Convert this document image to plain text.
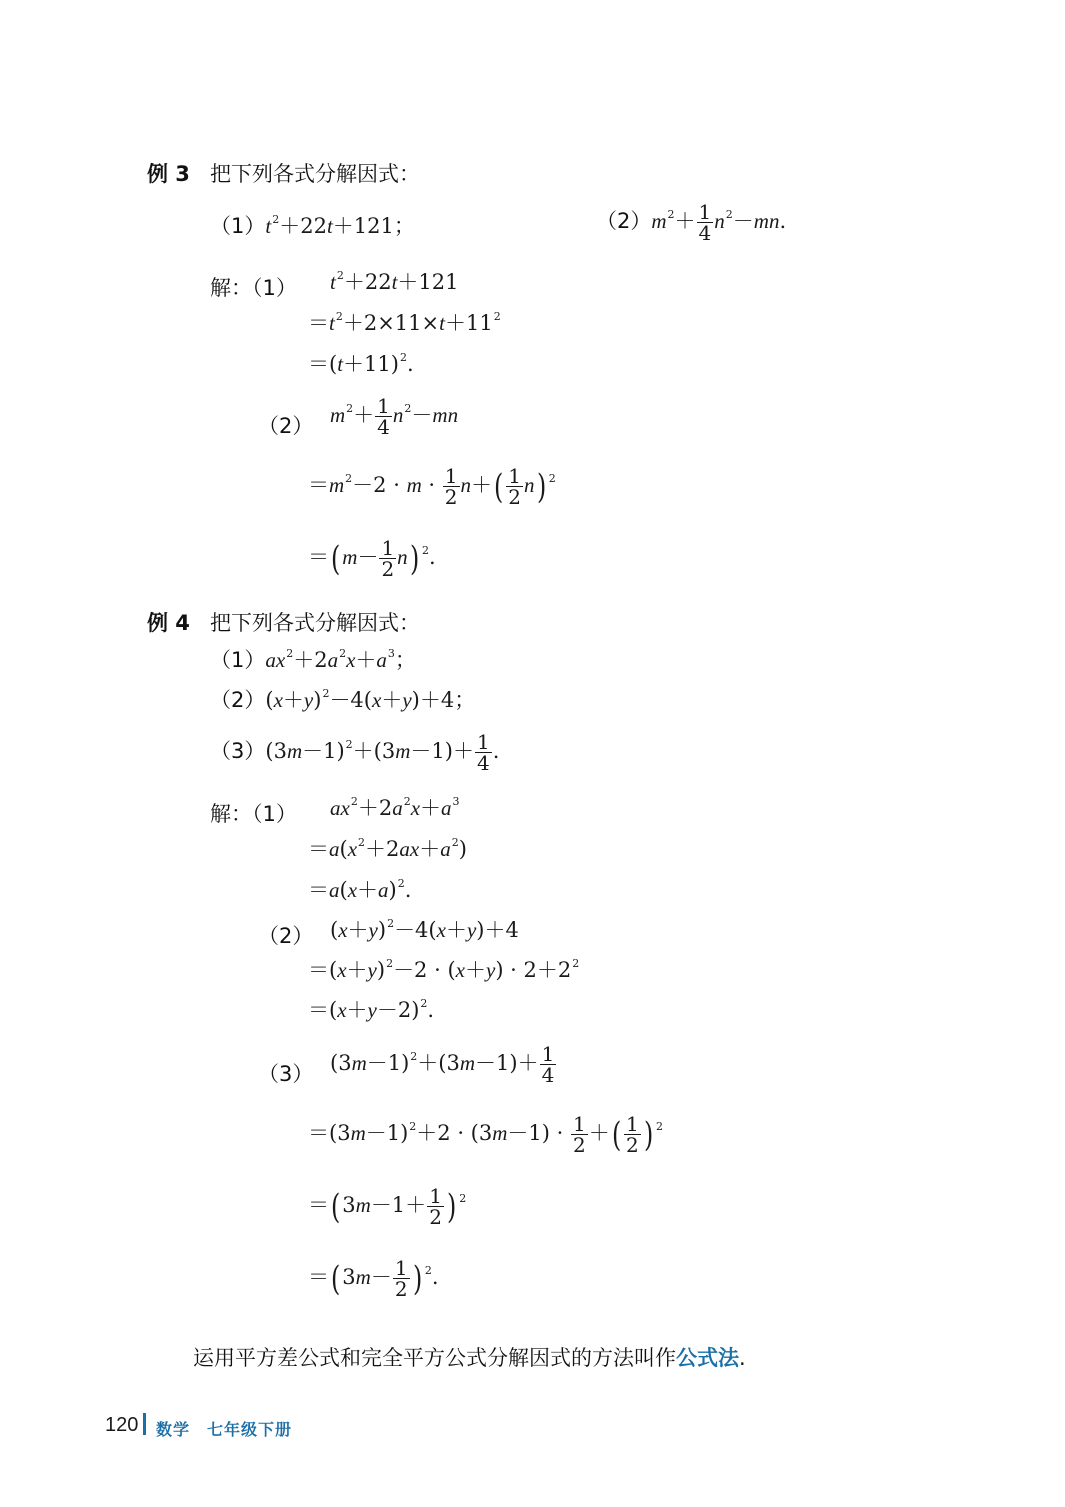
例 3 把下列各式分解因式：
$(1)t^2+22t+121$；	$(2)m^2+ \frac{1}{4} n^2-mn$.
解：（1） $t^2+22t+121$
$=t^2+2\times 11\times t+11^2$
$=(t+11)^2$.
（2） $m^2+ \frac{1}{4} n^2-mn$
$=m^2-2 \cdot m \cdot \frac{1}{2} n+( \frac{1}{2} n)$ $^2$
$=(m- \frac{1}{2} n)$ $^2$.
例 4 把下列各式分解因式：
$(1)ax^2+2a^2x+a^3$；
$(2)(x+y)^2-4(x+y)+4$；
$(3)(3m-1)^2+(3m-1)+ \frac{1}{4}$ .
解：（1） $ax^2+2a^2x+a^3$
$=a(x^2+2ax+a^2)$
$=a(x+a)^2$.
（2） $(x+y)^2-4(x+y)+4$
$=(x+y)^2-2 \cdot (x+y) \cdot 2+2^2$
$=(x+y-2)^2$.
（3） $(3m-1)^2+(3m-1)+ \frac{1}{4}$
$=(3m-1)^2+2 \cdot (3m-1) \cdot \frac{1}{2}$ ＋( $\frac{1}{2}$ ) $^2$
$=(3m-1+ \frac{1}{2}$ ) $^2$
$=(3m- \frac{1}{2}$ ) $^2$.
运用平方差公式和完全平方公式分解因式的方法叫作公式法.
120 数学　七年级下册
